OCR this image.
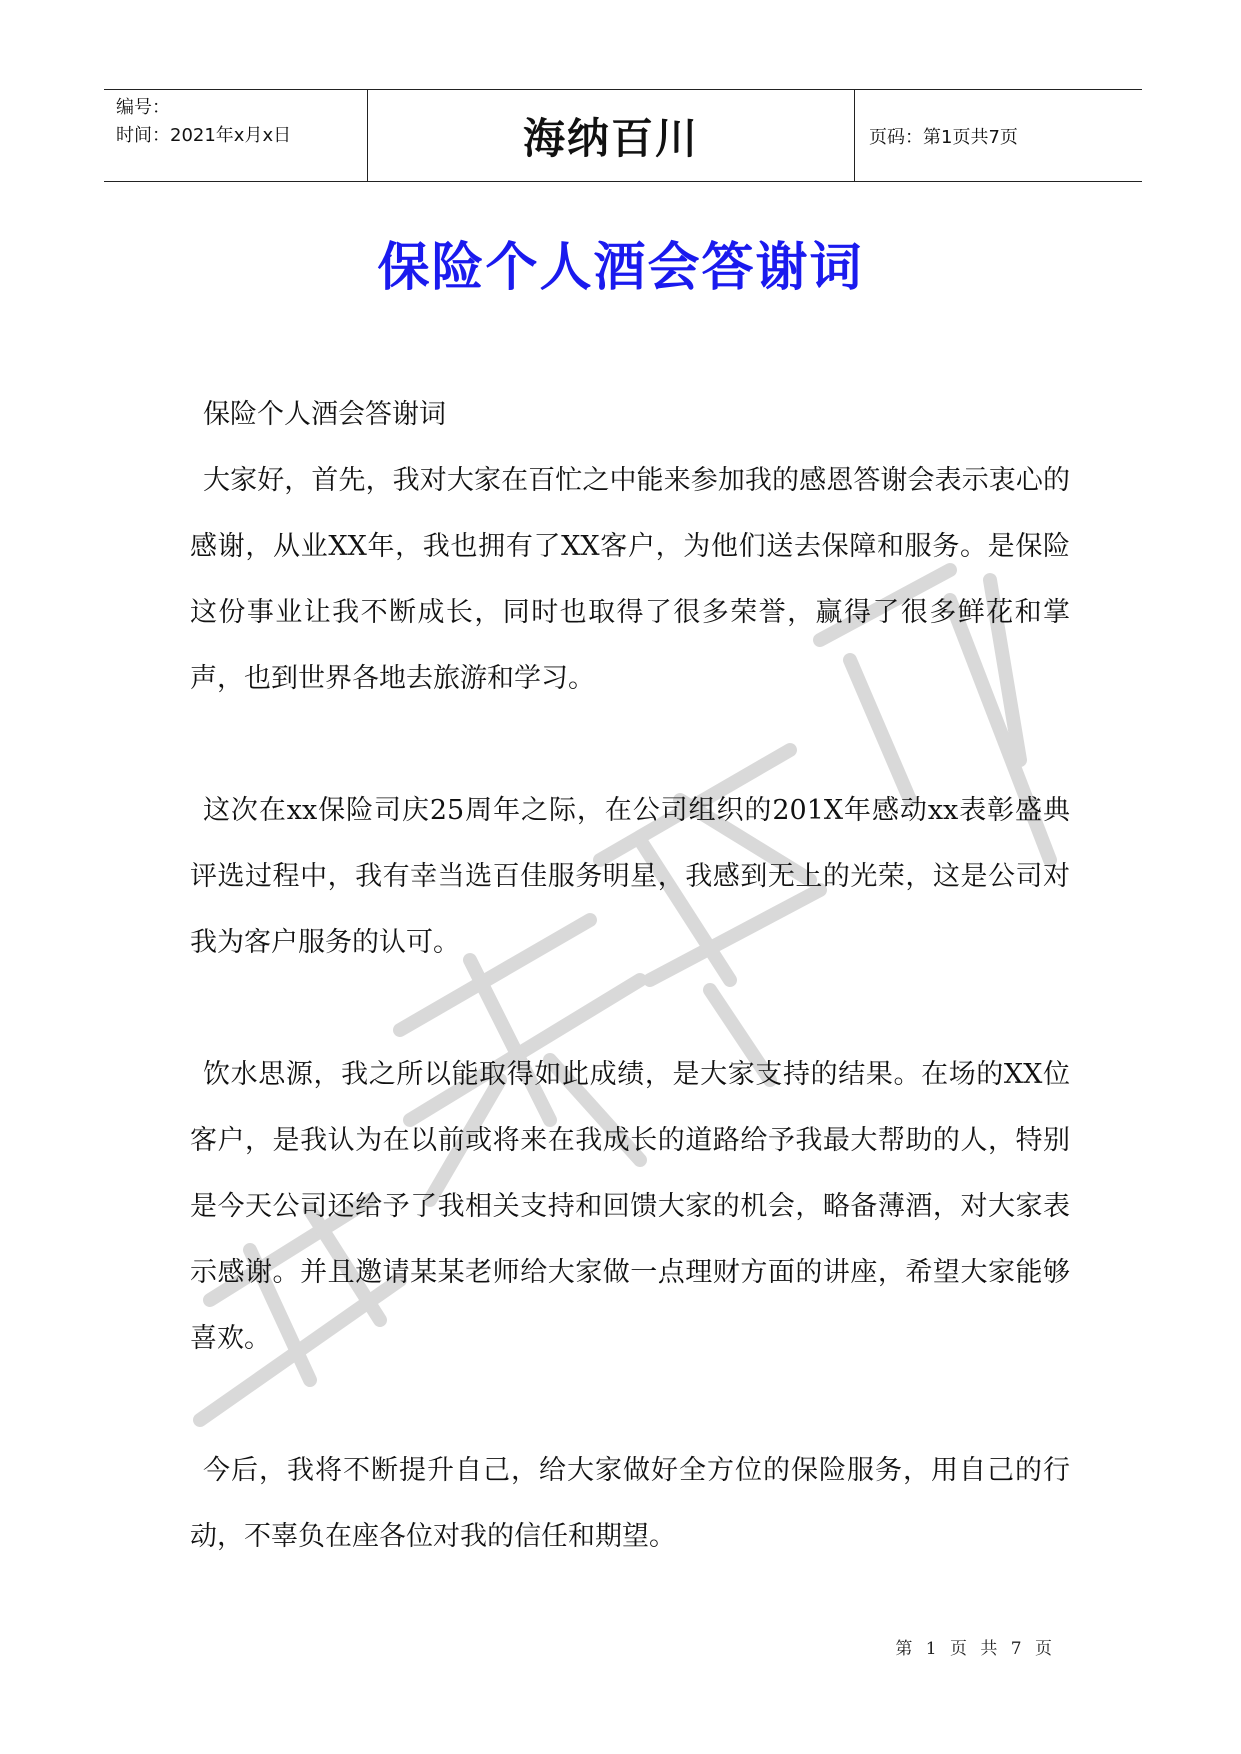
编号：
时间：2021年x月x日	海纳百川	页码：第1页共7页
保险个人酒会答谢词

保险个人酒会答谢词

大家好，首先，我对大家在百忙之中能来参加我的感恩答谢会表示衷心的感谢，从业XX年，我也拥有了XX客户，为他们送去保障和服务。是保险这份事业让我不断成长，同时也取得了很多荣誉，赢得了很多鲜花和掌声，也到世界各地去旅游和学习。

这次在xx保险司庆25周年之际，在公司组织的201X年感动xx表彰盛典评选过程中，我有幸当选百佳服务明星，我感到无上的光荣，这是公司对我为客户服务的认可。

饮水思源，我之所以能取得如此成绩，是大家支持的结果。在场的XX位客户，是我认为在以前或将来在我成长的道路给予我最大帮助的人，特别是今天公司还给予了我相关支持和回馈大家的机会，略备薄酒，对大家表示感谢。并且邀请某某老师给大家做一点理财方面的讲座，希望大家能够喜欢。

今后，我将不断提升自己，给大家做好全方位的保险服务，用自己的行动，不辜负在座各位对我的信任和期望。

第 1 页 共 7 页
